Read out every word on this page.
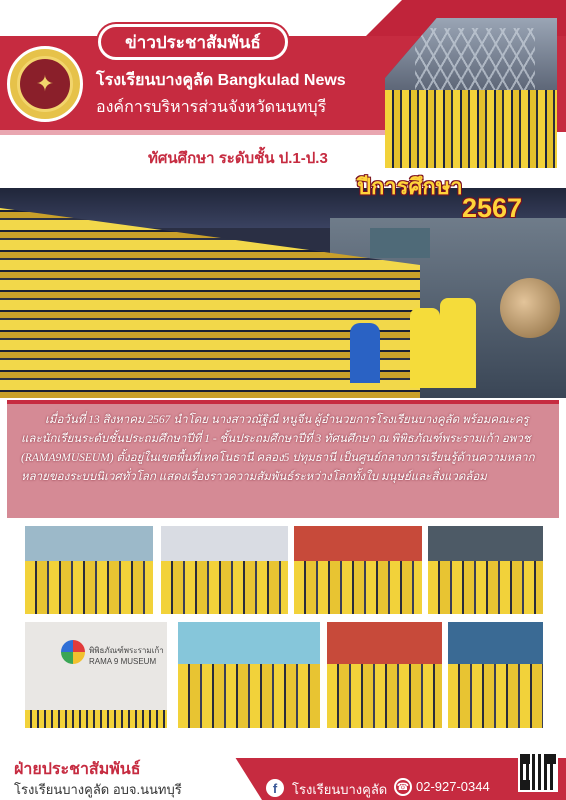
ข่าวประชาสัมพันธ์
✦	โรงเรียนบางคูลัด Bangkulad News
องค์การบริหารส่วนจังหวัดนนทบุรี
ทัศนศึกษา ระดับชั้น ป.1-ป.3
ปีการศึกษา
2567

เมื่อวันที่ 13 สิงหาคม 2567 นำโดย นางสาวณัฐิณี หนูจีน ผู้อำนวยการโรงเรียนบางคูลัด พร้อมคณะครู และนักเรียนระดับชั้นประถมศึกษาปีที่ 1 - ชั้นประถมศึกษาปีที่ 3 ทัศนศึกษา ณ พิพิธภัณฑ์พระรามเก้า อพวช (RAMA9MUSEUM) ตั้งอยู่ในเขตพื้นที่เทคโนธานี คลอง5 ปทุมธานี เป็นศูนย์กลางการเรียนรู้ด้านความหลากหลายของระบบนิเวศทั่วโลก แสดงเรื่องราวความสัมพันธ์ระหว่างโลกทั้งใบ มนุษย์และสิ่งแวดล้อม

พิพิธภัณฑ์พระรามเก้า RAMA 9 MUSEUM
ฝ่ายประชาสัมพันธ์
โรงเรียนบางคูลัด อบจ.นนทบุรี	f	โรงเรียนบางคูลัด ☎ 02-927-0344
